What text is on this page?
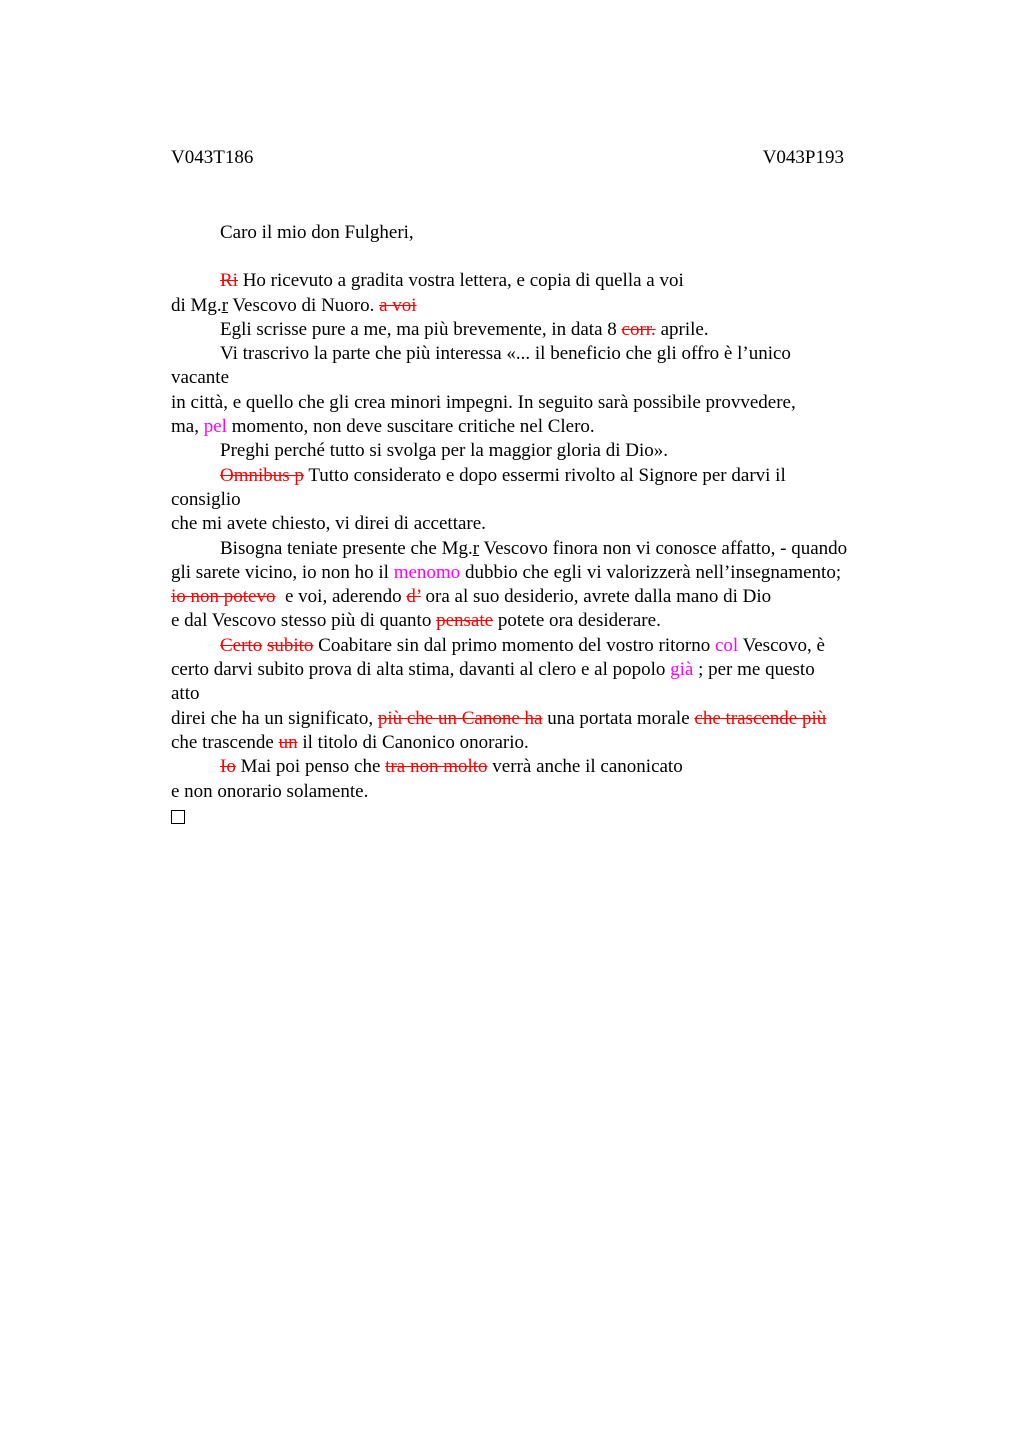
V043T186	V043P193
Caro il mio don Fulgheri,
Ri Ho ricevuto a gradita vostra lettera, e copia di quella a voi
di Mg.r Vescovo di Nuoro. a voi
Egli scrisse pure a me, ma più brevemente, in data 8 corr. aprile.
Vi trascrivo la parte che più interessa «... il beneficio che gli offro è l’unico
vacante
in città, e quello che gli crea minori impegni. In seguito sarà possibile provvedere,
ma, pel momento, non deve suscitare critiche nel Clero.
Preghi perché tutto si svolga per la maggior gloria di Dio».
Omnibus p Tutto considerato e dopo essermi rivolto al Signore per darvi il
consiglio
che mi avete chiesto, vi direi di accettare.
Bisogna teniate presente che Mg.r Vescovo finora non vi conosce affatto, - quando
gli sarete vicino, io non ho il menomo dubbio che egli vi valorizzerà nell’insegnamento;
io non potevo  e voi, aderendo d’ ora al suo desiderio, avrete dalla mano di Dio
e dal Vescovo stesso più di quanto pensate potete ora desiderare.
Certo subito Coabitare sin dal primo momento del vostro ritorno col Vescovo, è
certo darvi subito prova di alta stima, davanti al clero e al popolo già ; per me questo
atto
direi che ha un significato, più che un Canone ha una portata morale che trascende più
che trascende un il titolo di Canonico onorario.
Io Mai poi penso che tra non molto verrà anche il canonicato
e non onorario solamente.
